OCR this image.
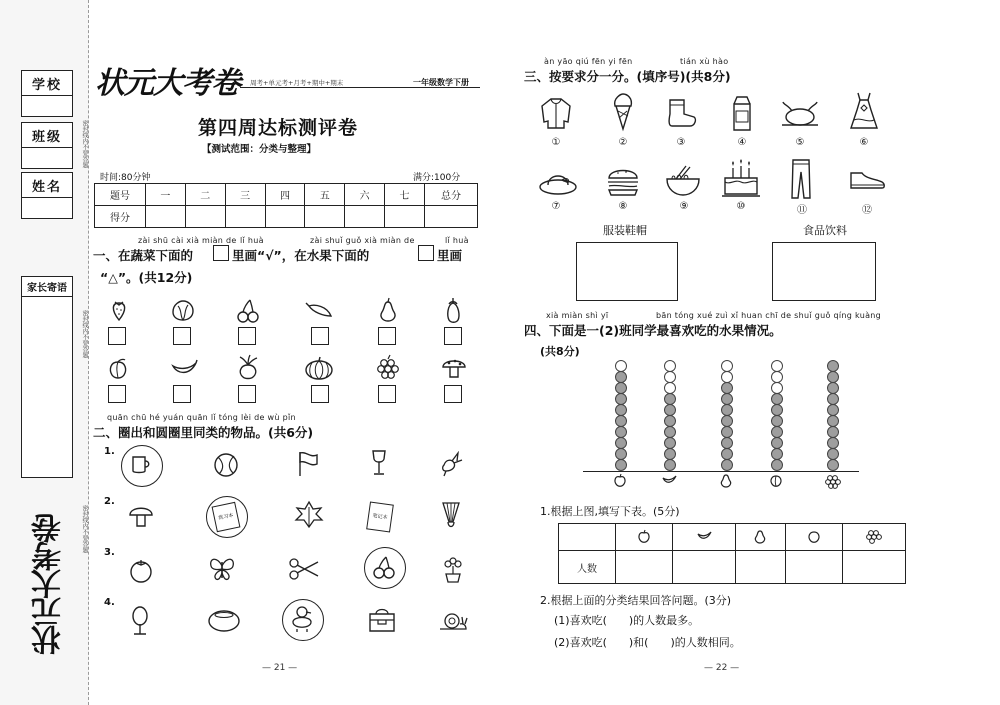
学校
班级
姓名
家长寄语
密封线内不要答题
密封线内不要答题
密封线内不要答题
状元大考卷
状元大考卷 周考+单元考+月考+期中+期末	一年级数学下册
第四周达标测评卷
【测试范围：分类与整理】
时间:80分钟	满分:100分
题号	一	二	三	四	五	六	七	总分
得分								
zài shū cài xià miàn de lǐ huà	zài shuǐ guǒ xià miàn de	lǐ huà
一、在蔬菜下面的	里画“√”，在水果下面的	里画
“△”。(共12分)
quān chū hé yuán quān lǐ tóng lèi de wù pǐn
二、圈出和圆圈里同类的物品。(共6分)
1.
2.
3.
4.
练习本	笔记本
— 21 —
àn yāo qiú fēn yi fēn	tián xù hào
三、按要求分一分。(填序号)(共8分)
①	②	③	④	⑤	⑥
⑦	⑧	⑨	⑩	⑪	⑫
服装鞋帽	食品饮料
xià miàn shì yī	bān tóng xué zuì xǐ huan chī de shuǐ guǒ qíng kuàng
四、下面是一(2)班同学最喜欢吃的水果情况。
(共8分)
1.根据上图,填写下表。(5分)

人数					
2.根据上面的分类结果回答问题。(3分)
(1)喜欢吃(　　)的人数最多。
(2)喜欢吃(　　)和(　　)的人数相同。
— 22 —
